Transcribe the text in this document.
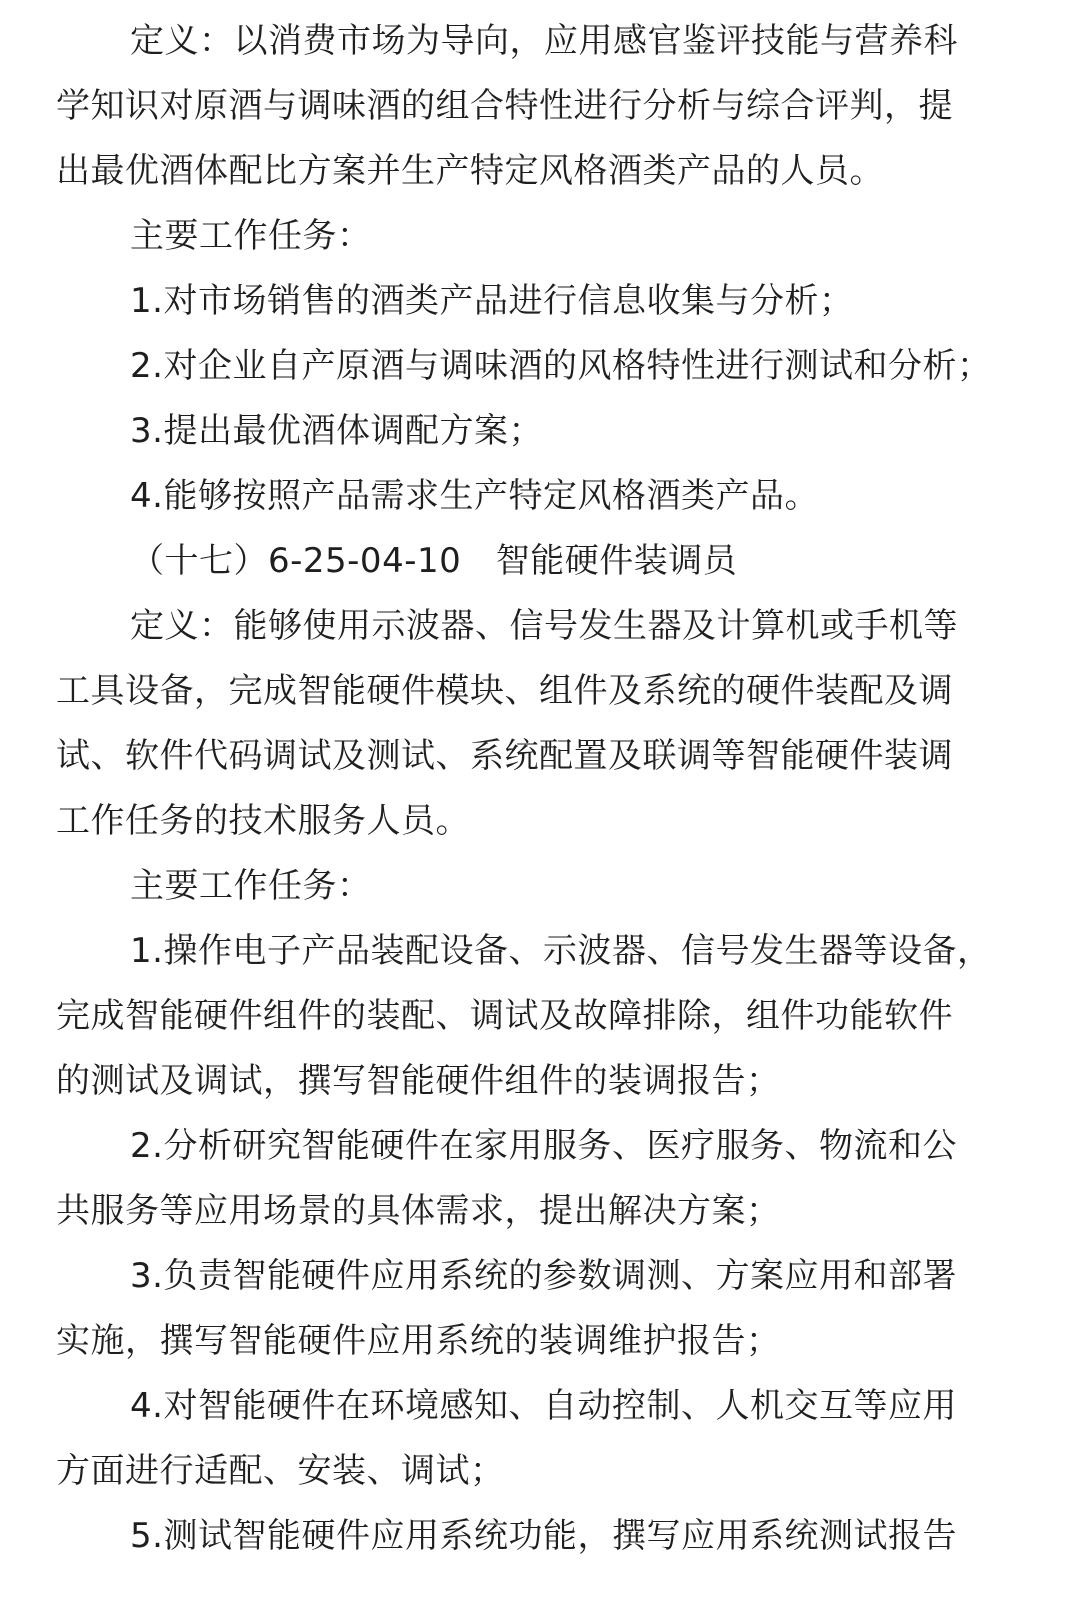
定义：以消费市场为导向，应用感官鉴评技能与营养科
学知识对原酒与调味酒的组合特性进行分析与综合评判，提
出最优酒体配比方案并生产特定风格酒类产品的人员。
主要工作任务：
1.对市场销售的酒类产品进行信息收集与分析；
2.对企业自产原酒与调味酒的风格特性进行测试和分析；
3.提出最优酒体调配方案；
4.能够按照产品需求生产特定风格酒类产品。
（十七）6-25-04-10　智能硬件装调员
定义：能够使用示波器、信号发生器及计算机或手机等
工具设备，完成智能硬件模块、组件及系统的硬件装配及调
试、软件代码调试及测试、系统配置及联调等智能硬件装调
工作任务的技术服务人员。
主要工作任务：
1.操作电子产品装配设备、示波器、信号发生器等设备，
完成智能硬件组件的装配、调试及故障排除，组件功能软件
的测试及调试，撰写智能硬件组件的装调报告；
2.分析研究智能硬件在家用服务、医疗服务、物流和公
共服务等应用场景的具体需求，提出解决方案；
3.负责智能硬件应用系统的参数调测、方案应用和部署
实施，撰写智能硬件应用系统的装调维护报告；
4.对智能硬件在环境感知、自动控制、人机交互等应用
方面进行适配、安装、调试；
5.测试智能硬件应用系统功能，撰写应用系统测试报告
